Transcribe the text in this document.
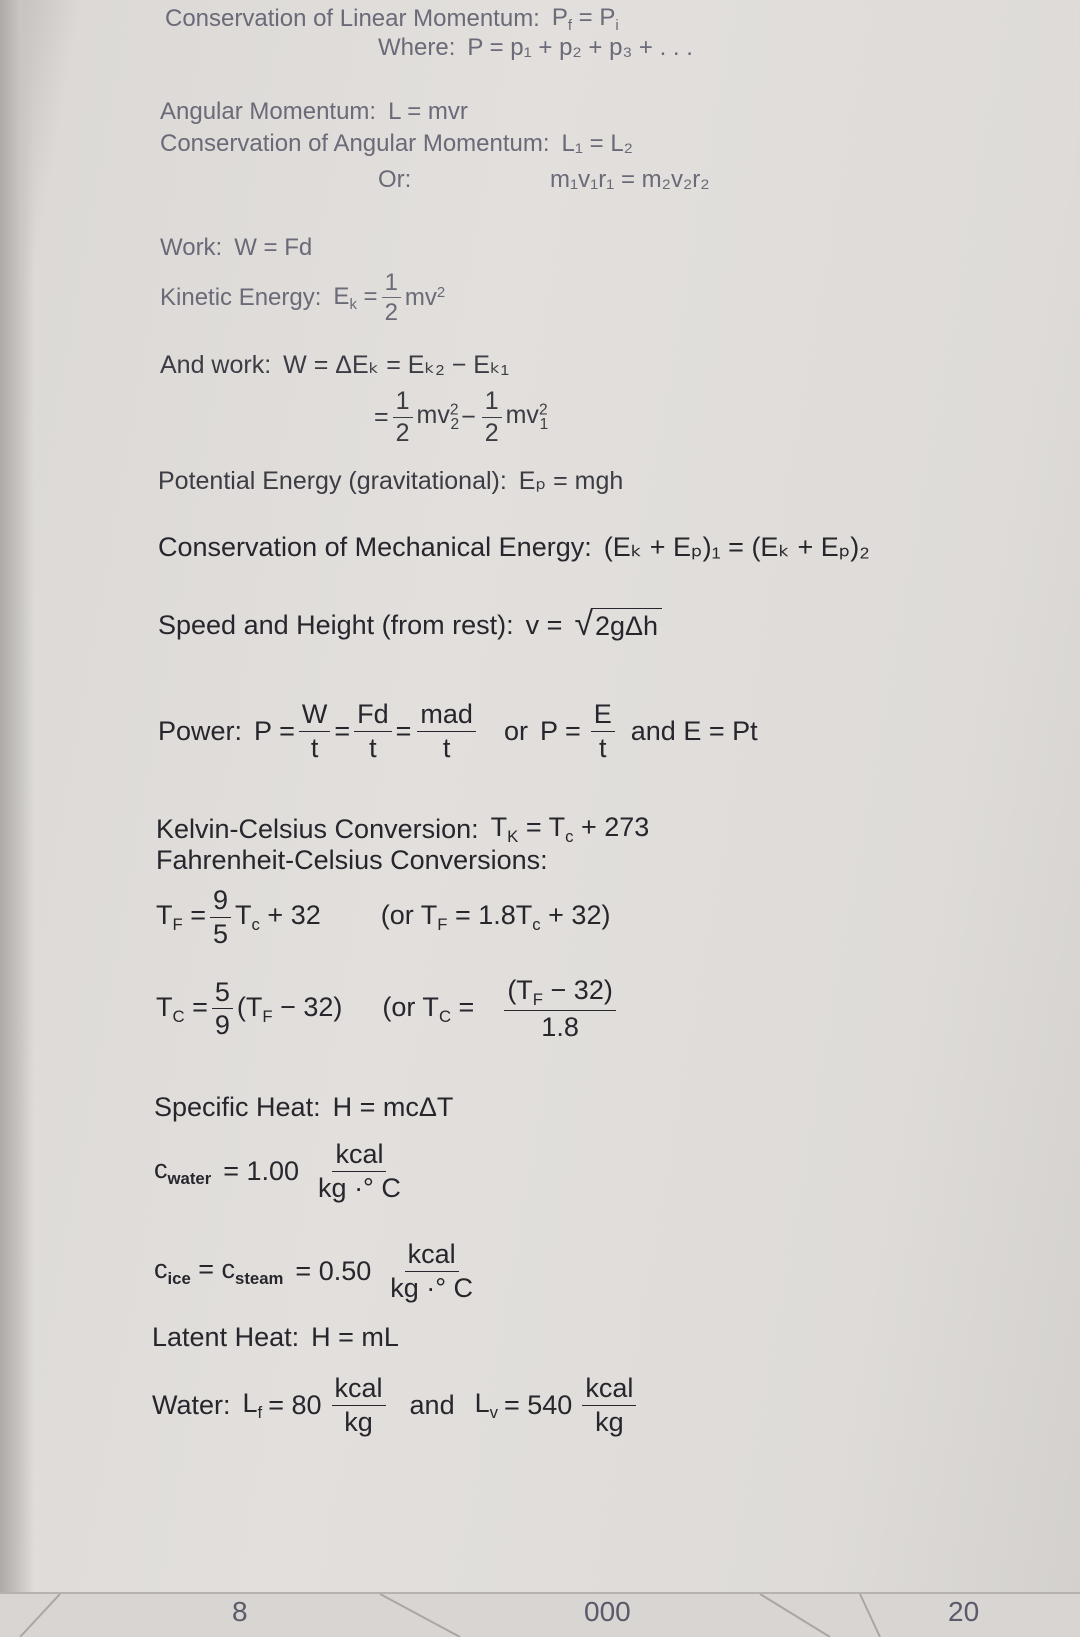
Conservation of Linear Momentum: $P_f = P_i$
Where: P = p₁ + p₂ + p₃ + . . .
Angular Momentum: L = mvr
Conservation of Angular Momentum: L₁ = L₂
Or:	m₁v₁r₁ = m₂v₂r₂
Work: W = Fd
Kinetic Energy: $E_k = \frac{1}{2} mv^2$
And work: W = ΔEₖ = Eₖ₂ − Eₖ₁
= $\frac{1}{2} mv^2_2 - \frac{1}{2} mv^2_1$
Potential Energy (gravitational): Eₚ = mgh
Conservation of Mechanical Energy: (Eₖ + Eₚ)₁ = (Eₖ + Eₚ)₂
Speed and Height (from rest): v = √ 2gΔh
Power: $P = \frac{W}{t} = \frac{Fd}{t} = \frac{\text{mad}}{t}$ or $P = \frac{E}{t}$ and E = Pt
Kelvin-Celsius Conversion: $T_K = T_c + 273$
Fahrenheit-Celsius Conversions:
$T_F = \frac{9}{5} T_c + 32$ (or $T_F = 1.8T_c + 32$)
$T_C = \frac{5}{9} (T_F - 32)$ (or $T_C = \frac{(T_F - 32)}{1.8}$
Specific Heat: H = mcΔT
$c_{water} = 1.00 \frac{\text{kcal}}{kg \cdot^\circ C}$
$c_{ice} = c_{steam} = 0.50 \frac{\text{kcal}}{kg \cdot^\circ C}$
Latent Heat: H = mL
Water: $L_f = 80 \frac{\text{kcal}}{kg}$ and $L_v = 540 \frac{\text{kcal}}{kg}$
8	000	20
